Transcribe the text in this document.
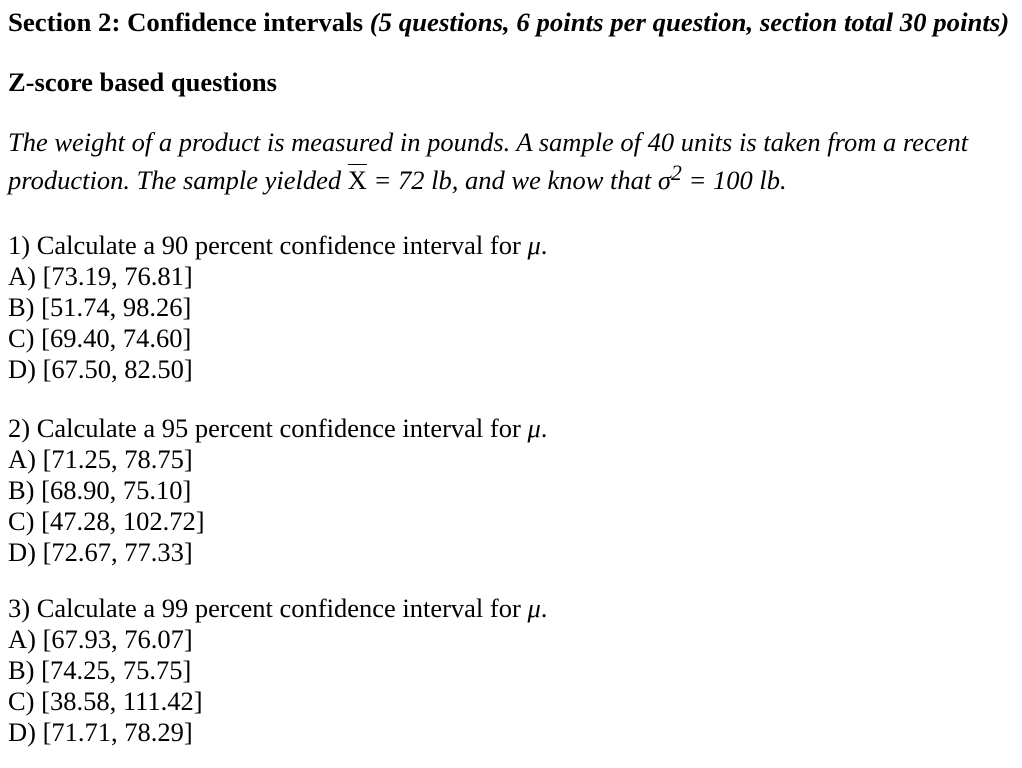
Section 2: Confidence intervals (5 questions, 6 points per question, section total 30 points)
Z-score based questions
The weight of a product is measured in pounds. A sample of 40 units is taken from a recent
production. The sample yielded $\overline{X} = 72$ lb, and we know that $\sigma^2 = 100$ lb.
1) Calculate a 90 percent confidence interval for μ.
A) [73.19, 76.81]
B) [51.74, 98.26]
C) [69.40, 74.60]
D) [67.50, 82.50]
2) Calculate a 95 percent confidence interval for μ.
A) [71.25, 78.75]
B) [68.90, 75.10]
C) [47.28, 102.72]
D) [72.67, 77.33]
3) Calculate a 99 percent confidence interval for μ.
A) [67.93, 76.07]
B) [74.25, 75.75]
C) [38.58, 111.42]
D) [71.71, 78.29]
